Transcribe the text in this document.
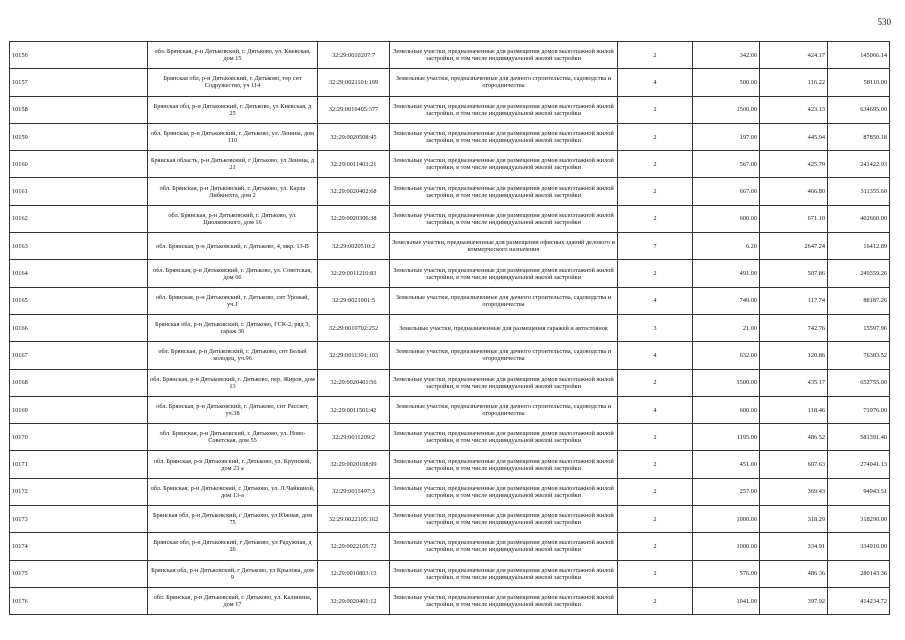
530
10156	обл. Брянская, р-н Дятьковский, г. Дятьково, ул. Киевская, дом 15	32:29:0010207:7	Земельные участки, предназначенные для размещения домов малоэтажной жилой застройки, в том числе индивидуальной жилой застройки	2	342.00	424.17	145066.14
10157	Брянская обл, р-н Дятьковский, г. Дятьково, тер снт Содружество, уч 114	32:29:0021101:199	Земельные участки, предназначенные для дачного строительства, садоводства и огородничества	4	500.00	116.22	58110.00
10158	Брянская обл, р-н Дятьковский, г. Дятьково, ул Киевская, д 25	32:29:0010405:377	Земельные участки, предназначенные для размещения домов малоэтажной жилой застройки, в том числе индивидуальной жилой застройки	2	1500.00	423.13	634695.00
10159	обл. Брянская, р-н Дятьковский, г. Дятьково, ул. Ленина, дом 110	32:29:0020508:45	Земельные участки, предназначенные для размещения домов малоэтажной жилой застройки, в том числе индивидуальной жилой застройки	2	197.00	445.94	87850.18
10160	Брянская область, р-н Дятьковский, г Дятьково, ул Ленина, д 21	32:29:0011403:21	Земельные участки, предназначенные для размещения домов малоэтажной жилой застройки, в том числе индивидуальной жилой застройки	2	567.00	425.79	241422.93
10161	обл. Брянская, р-н Дятьковский, г. Дятьково, ул. Карла Либкнехта, дом 2	32:29:0020402:68	Земельные участки, предназначенные для размещения домов малоэтажной жилой застройки, в том числе индивидуальной жилой застройки	2	667.00	466.80	311355.60
10162	обл. Брянская, р-н Дятьковский, г. Дятьково, ул. Циолковского, дом 16	32:29:0020306:38	Земельные участки, предназначенные для размещения домов малоэтажной жилой застройки, в том числе индивидуальной жилой застройки	2	600.00	671.10	402660.00
10163	обл. Брянская, р-н Дятьковский, г. Дятьково, 4, мкр. 13-В	32:29:0020510:2	Земельные участки, предназначенные для размещения офисных зданий делового и коммерческого назначения	7	6.20	2647.24	16412.89
10164	обл. Брянская, р-н Дятьковский, г. Дятьково, ул. Советская, дом 66	32:29:0011210:83	Земельные участки, предназначенные для размещения домов малоэтажной жилой застройки, в том числе индивидуальной жилой застройки	2	491.00	507.86	249359.26
10165	обл. Брянская, р-н Дятьковский, г. Дятьково, снт Урожай, уч.1	32:29:0021001:5	Земельные участки, предназначенные для дачного строительства, садоводства и огородничества	4	749.00	117.74	88187.26
10166	Брянская обл, р-н Дятьковский, г. Дятьково, ГСК-2, ряд 3, гараж 36	32:29:0010702:252	Земельные участки, предназначенные для размещения гаражей и автостоянок	3	21.00	742.76	15597.96
10167	обл. Брянская, р-н Дятьковский, г. Дятьково, снт Белый колодец, уч.96	32:29:0011301:103	Земельные участки, предназначенные для дачного строительства, садоводства и огородничества	4	632.00	120.86	76383.52
10168	обл. Брянская, р-н Дятьковский, г. Дятьково, пер. Жиров, дом 13	32:29:0020401:56	Земельные участки, предназначенные для размещения домов малоэтажной жилой застройки, в том числе индивидуальной жилой застройки	2	1500.00	435.17	652755.00
10169	обл. Брянская, р-н Дятьковский, г. Дятьково, снт Рассвет, уч.38	32:29:0011501:42	Земельные участки, предназначенные для дачного строительства, садоводства и огородничества	4	600.00	118.46	71076.00
10170	обл. Брянская, р-н Дятьковский, г. Дятьково, ул. Ново-Советская, дом 55	32:29:0011209:2	Земельные участки, предназначенные для размещения домов малоэтажной жилой застройки, в том числе индивидуальной жилой застройки	2	1195.00	486.52	581391.40
10171	обл. Брянская, р-н Дятьковский, г. Дятьково, ул. Крупской, дом 23 а	32:29:0020108:99	Земельные участки, предназначенные для размещения домов малоэтажной жилой застройки, в том числе индивидуальной жилой застройки	2	451.00	607.63	274041.13
10172	обл. Брянская, р-н Дятьковский, г. Дятьково, ул. Л.Чайкиной, дом 13-а	32:29:0011497:3	Земельные участки, предназначенные для размещения домов малоэтажной жилой застройки, в том числе индивидуальной жилой застройки	2	257.00	369.43	94943.51
10173	Брянская обл, р-н Дятьковский, г Дятьково, ул Южная, дом 75	32:29:0022105:162	Земельные участки, предназначенные для размещения домов малоэтажной жилой застройки, в том числе индивидуальной жилой застройки	2	1000.00	318.29	318290.00
10174	Брянская обл, р-н Дятьковский, г Дятьково, ул Радужная, д 26	32:29:0022105:72	Земельные участки, предназначенные для размещения домов малоэтажной жилой застройки, в том числе индивидуальной жилой застройки	2	1000.00	334.91	334910.00
10175	Брянская обл, р-н Дятьковский, г Дятьково, ул Крылова, дом 9	32:29:0010803:13	Земельные участки, предназначенные для размещения домов малоэтажной жилой застройки, в том числе индивидуальной жилой застройки	2	576.00	486.36	280143.36
10176	обл. Брянская, р-н Дятьковский, г. Дятьково, ул. Калинина, дом 17	32:29:0020401:12	Земельные участки, предназначенные для размещения домов малоэтажной жилой застройки, в том числе индивидуальной жилой застройки	2	1041.00	397.92	414234.72
